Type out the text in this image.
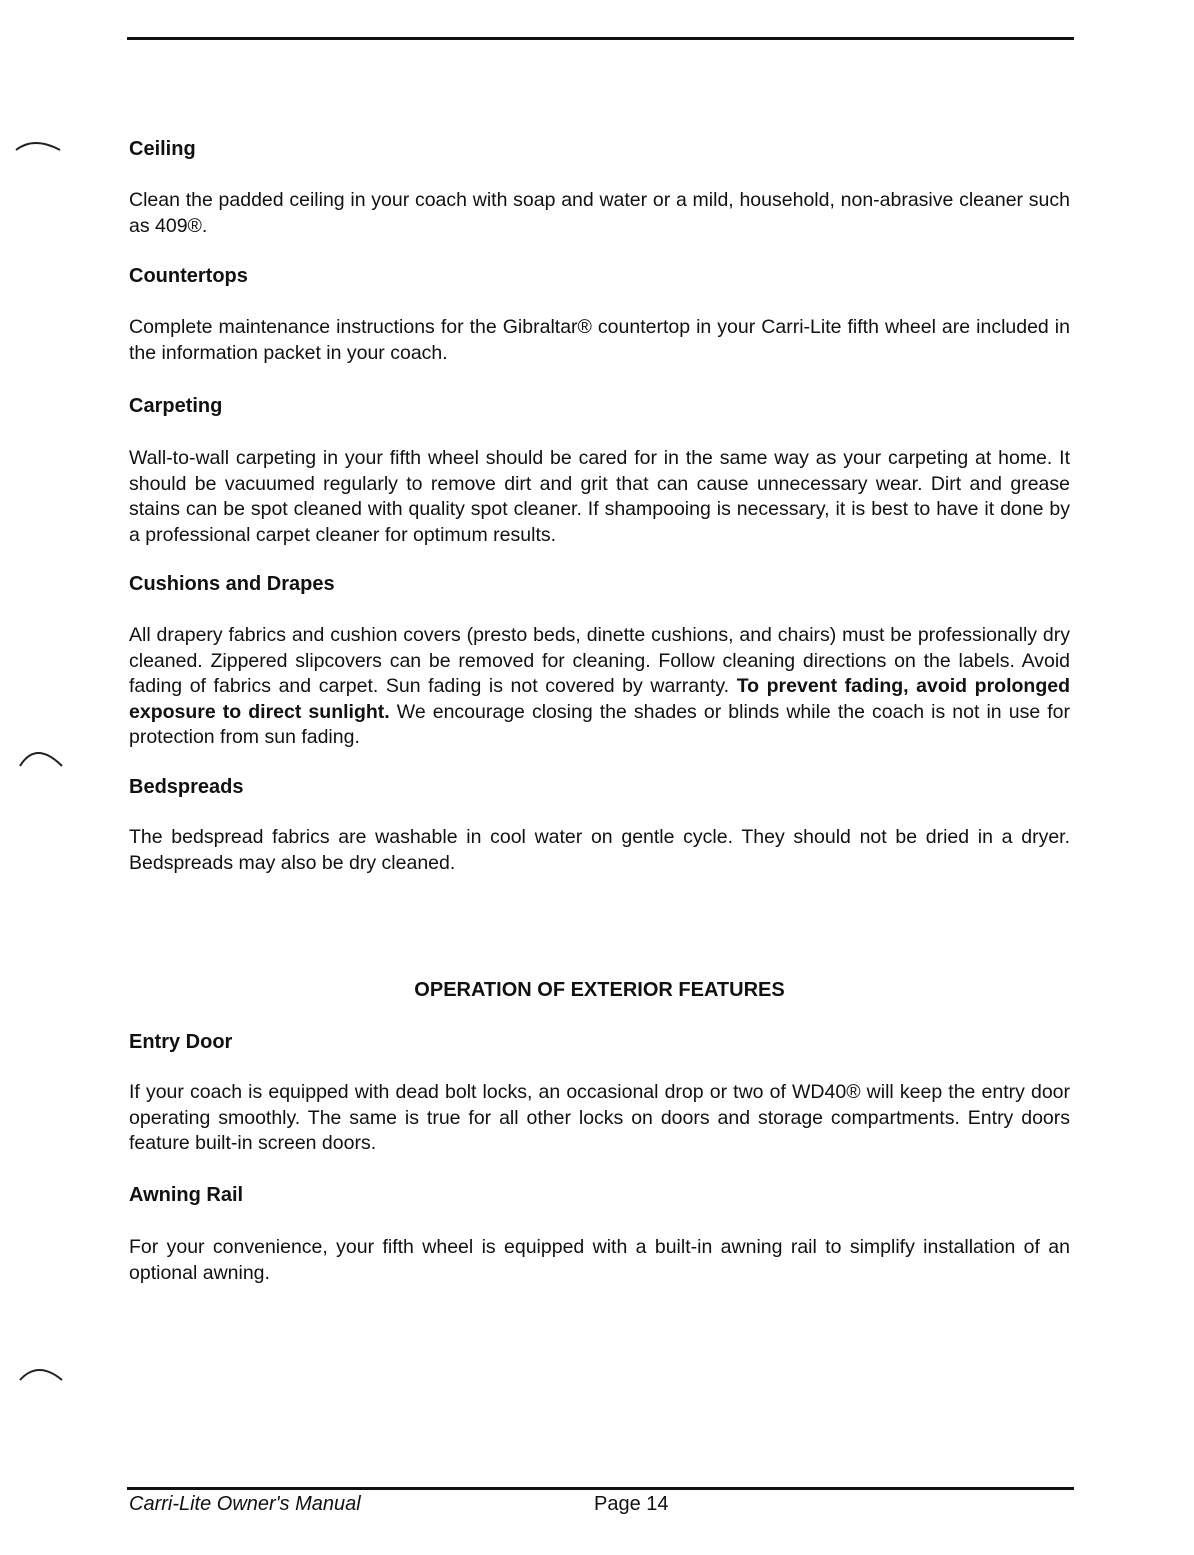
Ceiling

Clean the padded ceiling in your coach with soap and water or a mild, household, non-abrasive cleaner such as 409®.

Countertops

Complete maintenance instructions for the Gibraltar® countertop in your Carri-Lite fifth wheel are included in the information packet in your coach.

Carpeting

Wall-to-wall carpeting in your fifth wheel should be cared for in the same way as your carpeting at home. It should be vacuumed regularly to remove dirt and grit that can cause unnecessary wear. Dirt and grease stains can be spot cleaned with quality spot cleaner. If shampooing is necessary, it is best to have it done by a professional carpet cleaner for optimum results.

Cushions and Drapes

All drapery fabrics and cushion covers (presto beds, dinette cushions, and chairs) must be professionally dry cleaned. Zippered slipcovers can be removed for cleaning. Follow cleaning directions on the labels. Avoid fading of fabrics and carpet. Sun fading is not covered by warranty. To prevent fading, avoid prolonged exposure to direct sunlight. We encourage closing the shades or blinds while the coach is not in use for protection from sun fading.

Bedspreads

The bedspread fabrics are washable in cool water on gentle cycle. They should not be dried in a dryer. Bedspreads may also be dry cleaned.

OPERATION OF EXTERIOR FEATURES
Entry Door

If your coach is equipped with dead bolt locks, an occasional drop or two of WD40® will keep the entry door operating smoothly. The same is true for all other locks on doors and storage compartments. Entry doors feature built-in screen doors.

Awning Rail

For your convenience, your fifth wheel is equipped with a built-in awning rail to simplify installation of an optional awning.

Carri-Lite Owner's Manual	Page 14
